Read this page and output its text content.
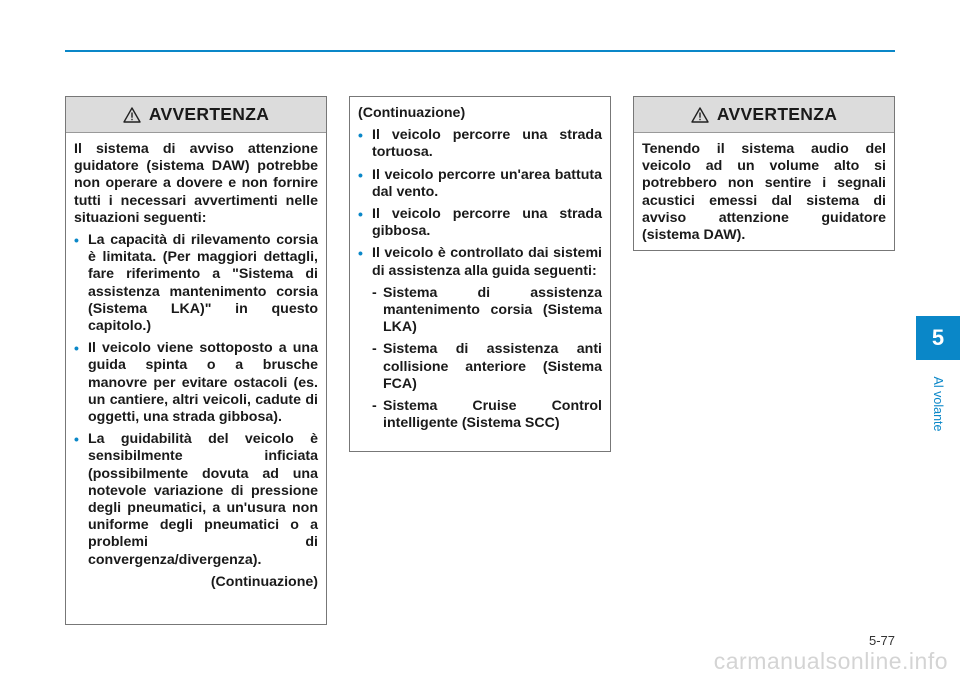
AVVERTENZA
Il sistema di avviso attenzione guidatore (sistema DAW) potrebbe non operare a dovere e non fornire tutti i necessari avvertimenti nelle situazioni seguenti:
• La capacità di rilevamento corsia è limitata. (Per maggiori dettagli, fare riferimento a "Sistema di assistenza mantenimento corsia (Sistema LKA)" in questo capitolo.)
• Il veicolo viene sottoposto a una guida spinta o a brusche manovre per evitare ostacoli (es. un cantiere, altri veicoli, cadute di oggetti, una strada gibbosa).
• La guidabilità del veicolo è sensibilmente inficiata (possibilmente dovuta ad una notevole variazione di pressione degli pneumatici, a un'usura non uniforme degli pneumatici o a problemi di convergenza/divergenza).
(Continuazione)
(Continuazione)
• Il veicolo percorre una strada tortuosa.
• Il veicolo percorre un'area battuta dal vento.
• Il veicolo percorre una strada gibbosa.
• Il veicolo è controllato dai sistemi di assistenza alla guida seguenti:
- Sistema di assistenza mantenimento corsia (Sistema LKA)
- Sistema di assistenza anti collisione anteriore (Sistema FCA)
- Sistema Cruise Control intelligente (Sistema SCC)
AVVERTENZA
Tenendo il sistema audio del veicolo ad un volume alto si potrebbero non sentire i segnali acustici emessi dal sistema di avviso attenzione guidatore (sistema DAW).
5
Al volante
5-77
carmanualsonline.info
